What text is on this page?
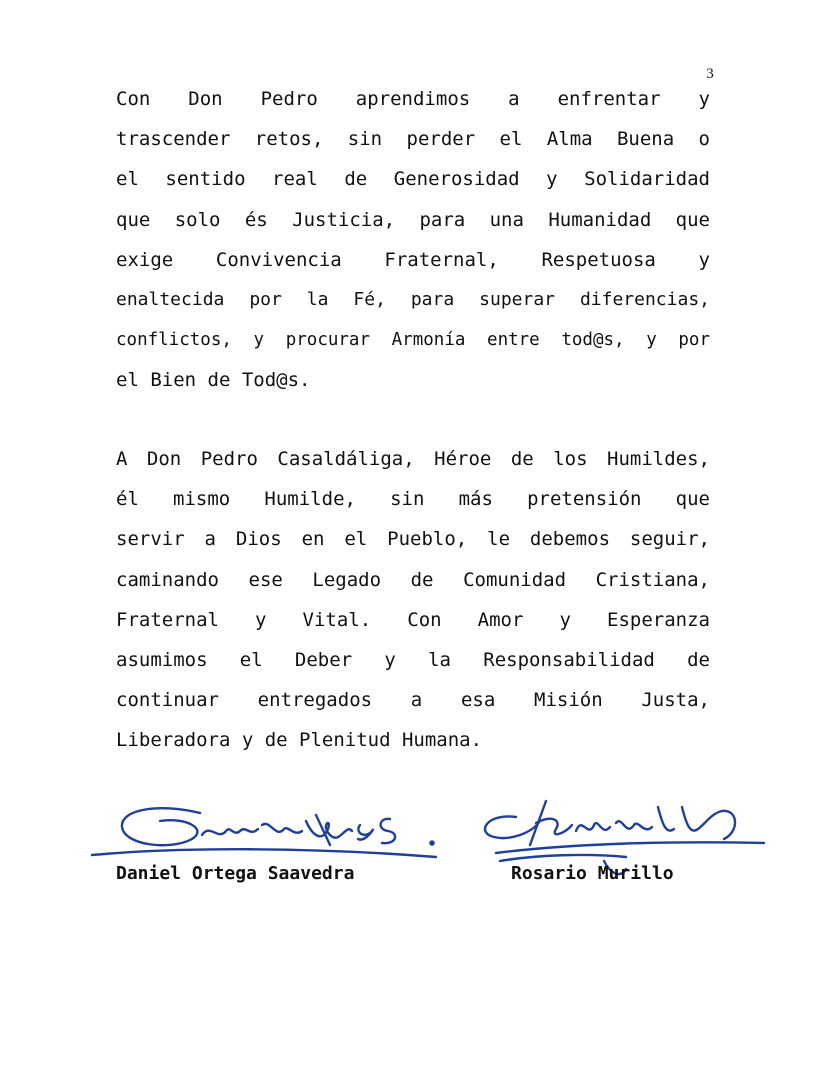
3
Con Don Pedro aprendimos a enfrentar y
trascender retos, sin perder el Alma Buena o
el sentido real de Generosidad y Solidaridad
que solo és Justicia, para una Humanidad que
exige Convivencia Fraternal, Respetuosa y
enaltecida por la Fé, para superar diferencias,
conflictos, y procurar Armonía entre tod@s, y por
el Bien de Tod@s.
A Don Pedro Casaldáliga, Héroe de los Humildes,
él mismo Humilde, sin más pretensión que
servir a Dios en el Pueblo, le debemos seguir,
caminando ese Legado de Comunidad Cristiana,
Fraternal y Vital. Con Amor y Esperanza
asumimos el Deber y la Responsabilidad de
continuar entregados a esa Misión Justa,
Liberadora y de Plenitud Humana.
Daniel Ortega Saavedra	Rosario Murillo
